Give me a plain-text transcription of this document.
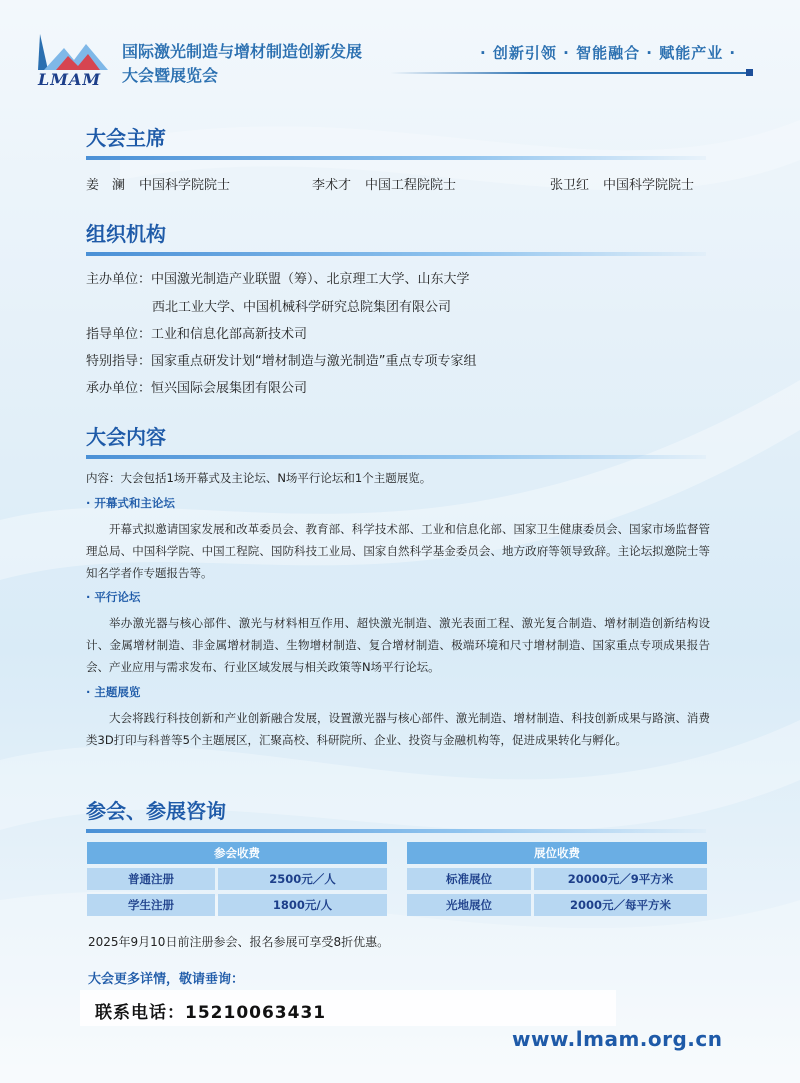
LMAM
国际激光制造与增材制造创新发展
大会暨展览会
· 创新引领 · 智能融合 · 赋能产业 ·
大会主席
姜　澜 中国科学院院士	李术才 中国工程院院士	张卫红 中国科学院院士
组织机构
主办单位：中国激光制造产业联盟（筹）、北京理工大学、山东大学
西北工业大学、中国机械科学研究总院集团有限公司
指导单位：工业和信息化部高新技术司
特别指导：国家重点研发计划“增材制造与激光制造”重点专项专家组
承办单位：恒兴国际会展集团有限公司
大会内容
内容：大会包括1场开幕式及主论坛、N场平行论坛和1个主题展览。
· 开幕式和主论坛
开幕式拟邀请国家发展和改革委员会、教育部、科学技术部、工业和信息化部、国家卫生健康委员会、国家市场监督管理总局、中国科学院、中国工程院、国防科技工业局、国家自然科学基金委员会、地方政府等领导致辞。主论坛拟邀院士等知名学者作专题报告等。
· 平行论坛
举办激光器与核心部件、激光与材料相互作用、超快激光制造、激光表面工程、激光复合制造、增材制造创新结构设计、金属增材制造、非金属增材制造、生物增材制造、复合增材制造、极端环境和尺寸增材制造、国家重点专项成果报告会、产业应用与需求发布、行业区域发展与相关政策等N场平行论坛。
· 主题展览
大会将践行科技创新和产业创新融合发展，设置激光器与核心部件、激光制造、增材制造、科技创新成果与路演、消费类3D打印与科普等5个主题展区，汇聚高校、科研院所、企业、投资与金融机构等，促进成果转化与孵化。
参会、参展咨询
参会收费	
普通注册	2500元／人
学生注册	1800元/人
展位收费	
标准展位	20000元／9平方米
光地展位	2000元／每平方米
2025年9月10日前注册参会、报名参展可享受8折优惠。
大会更多详情，敬请垂询：
联系电话：15210063431
www.lmam.org.cn
